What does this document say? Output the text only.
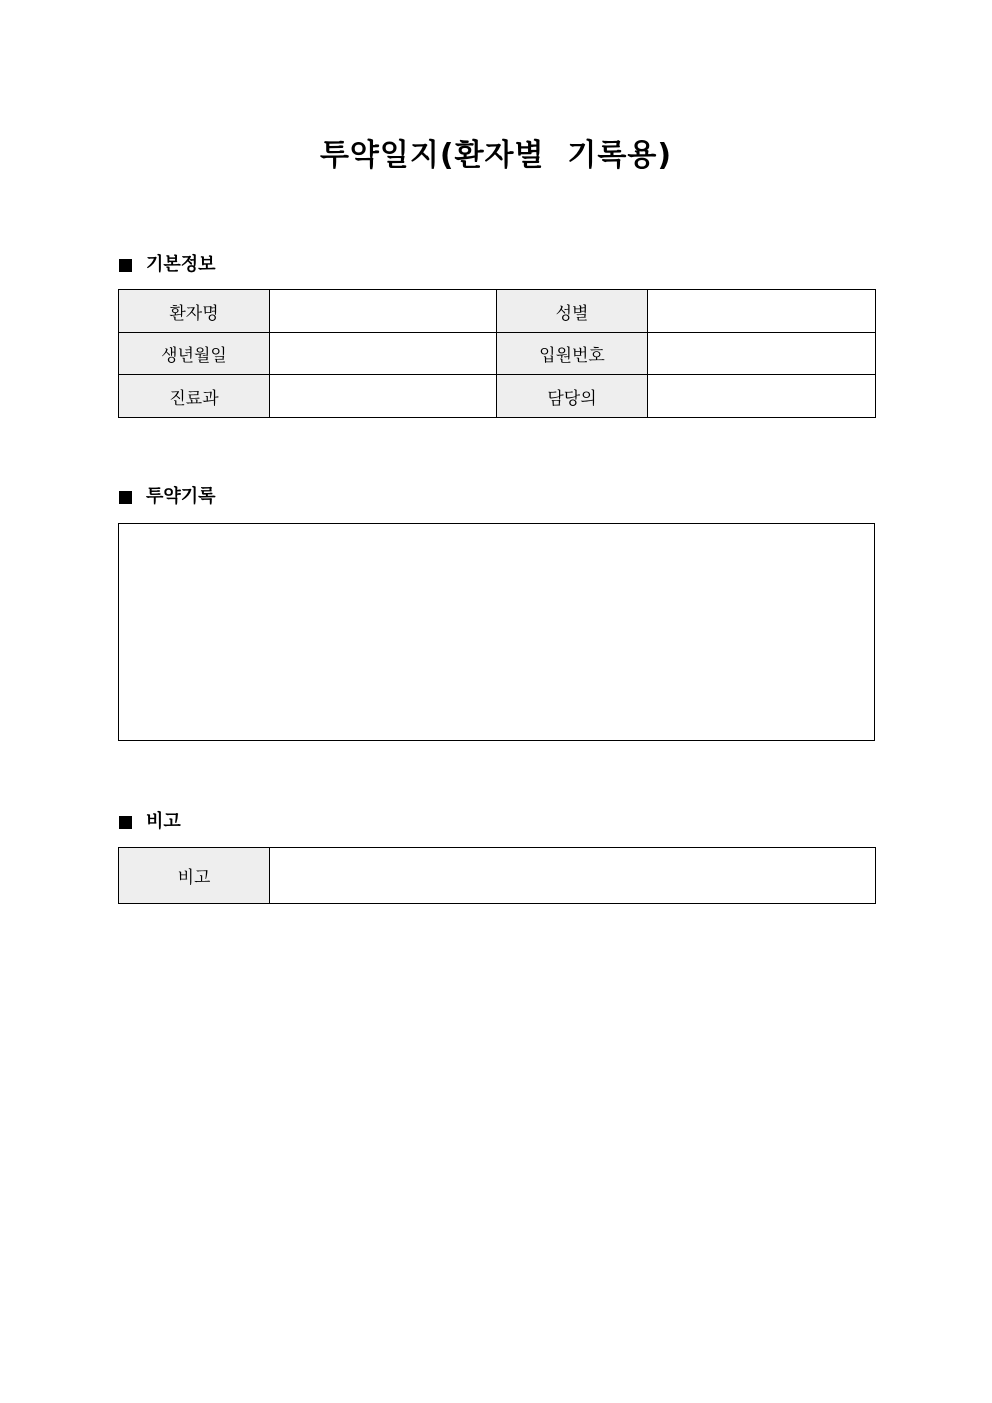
투약일지(환자별  기록용)
기본정보
환자명		성별	
생년월일		입원번호	
진료과		담당의	
투약기록
비고
비고	
